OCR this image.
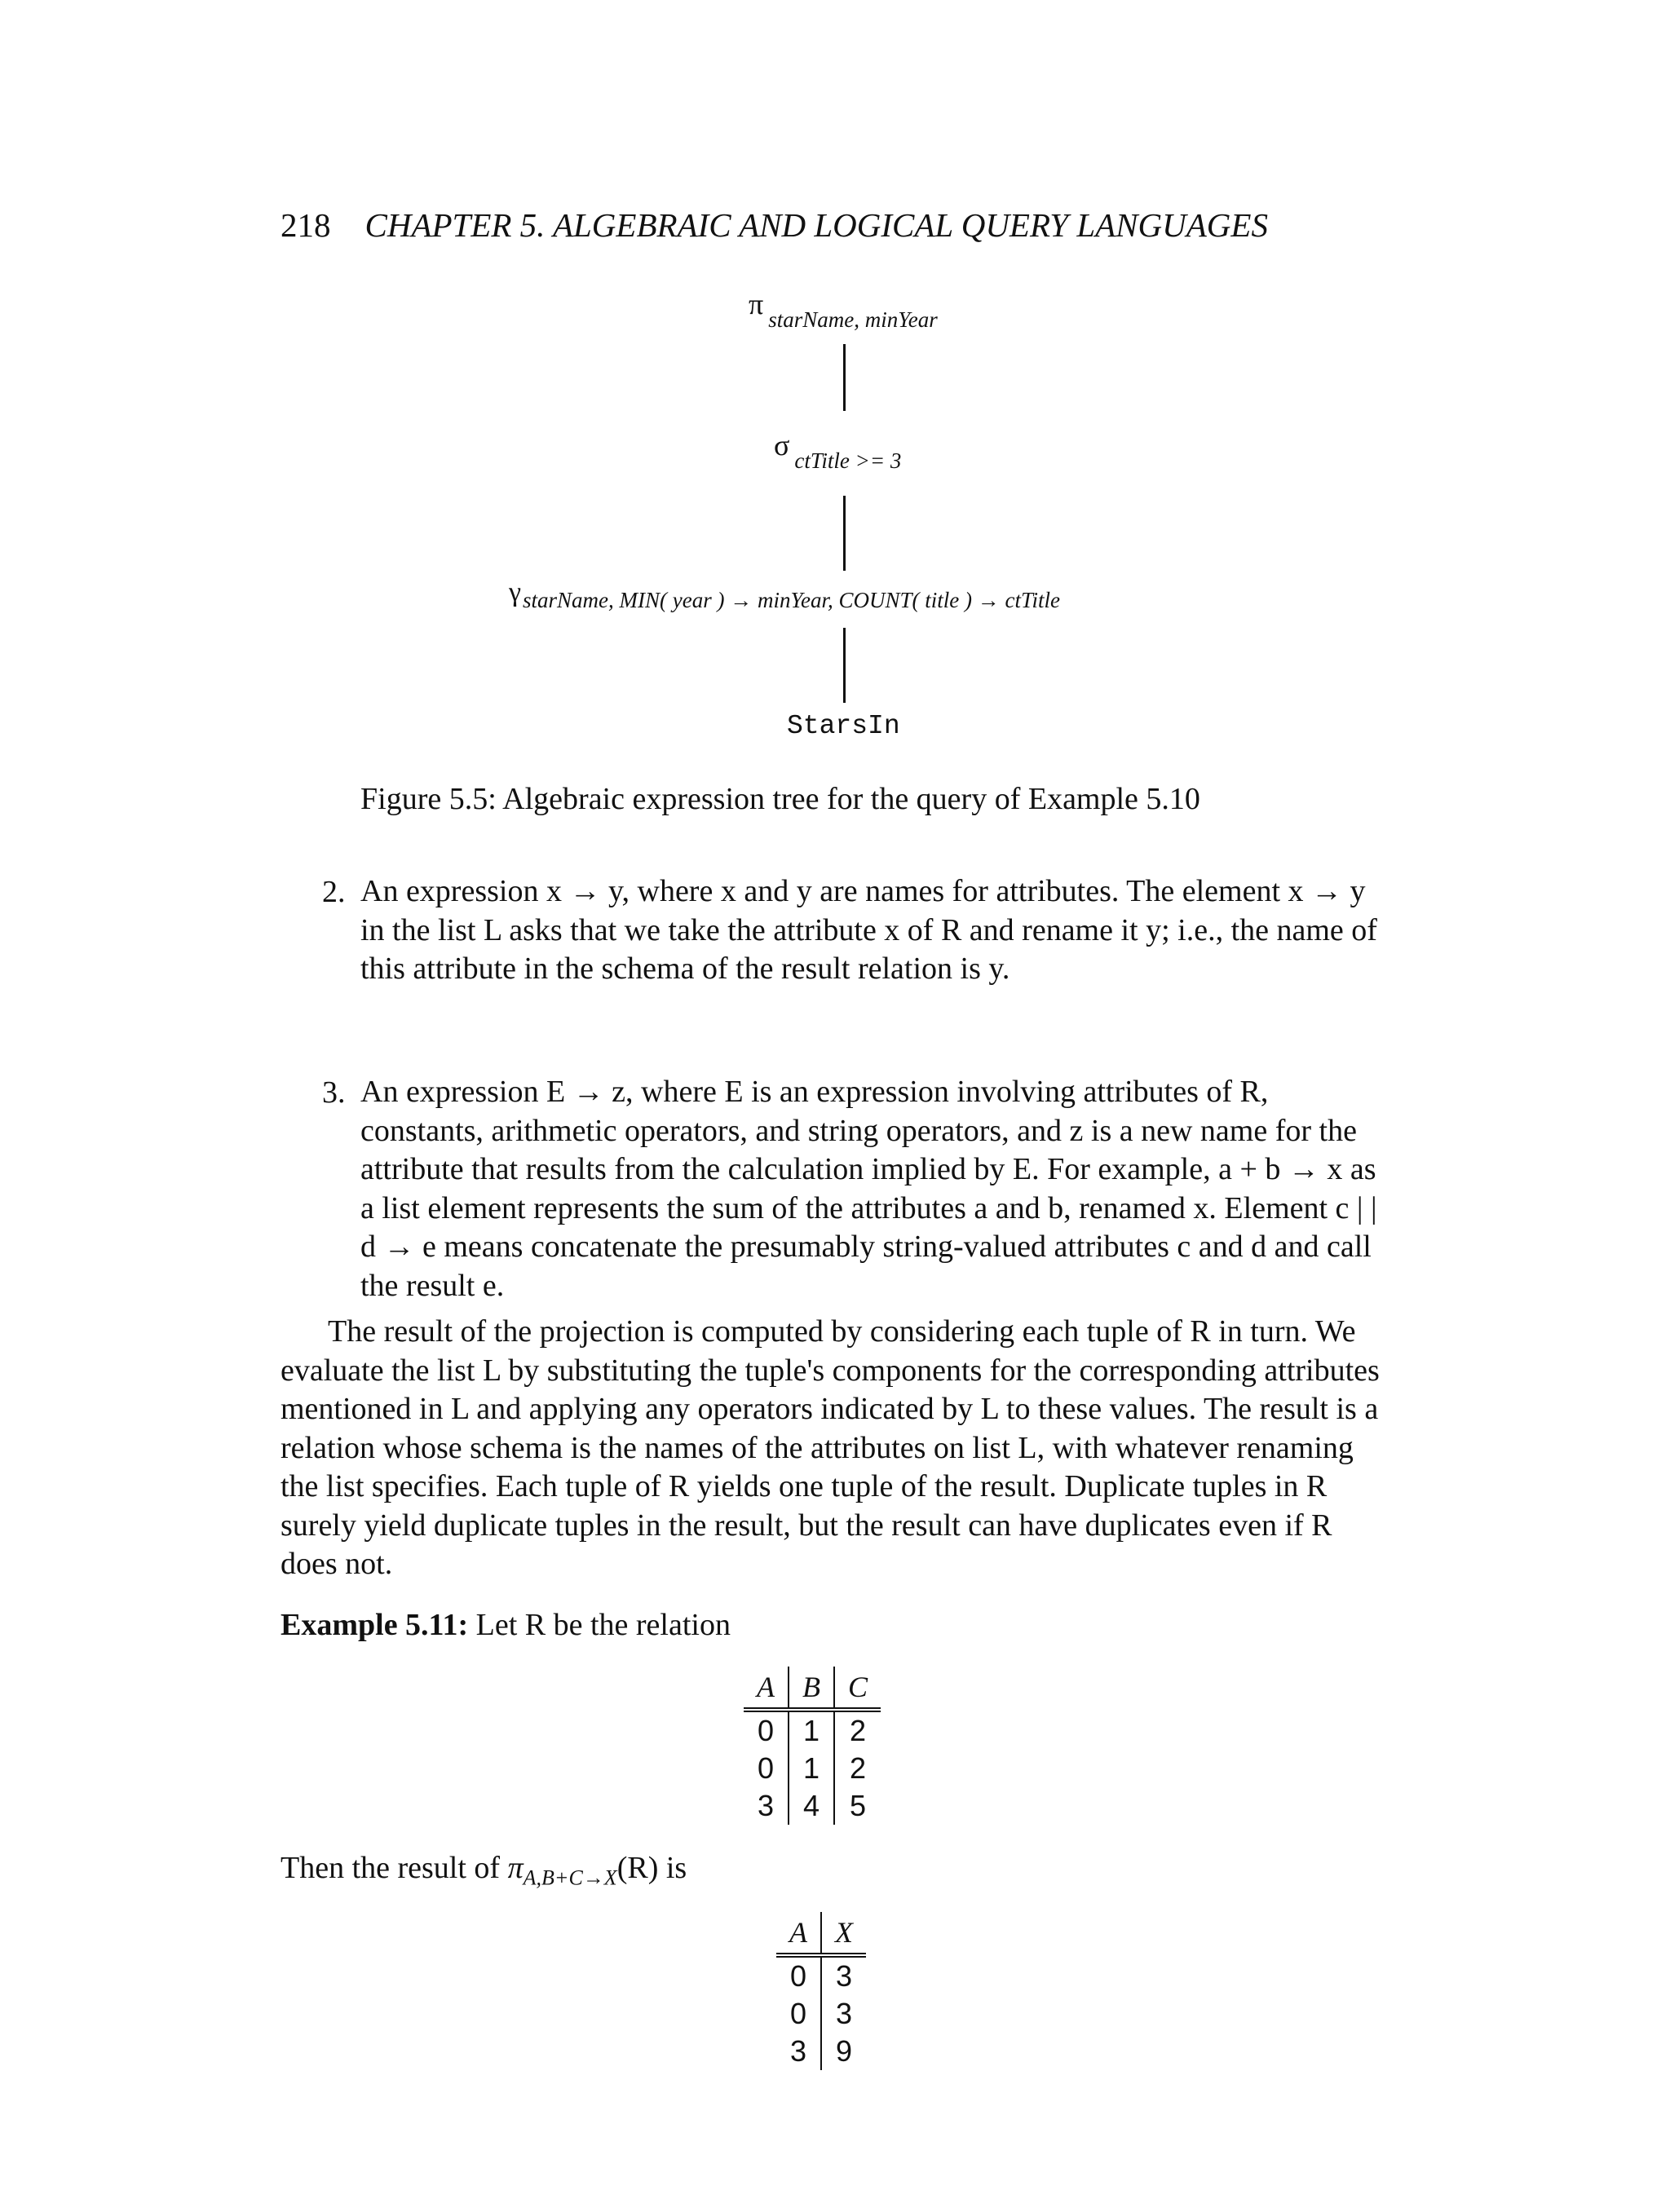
218 CHAPTER 5. ALGEBRAIC AND LOGICAL QUERY LANGUAGES
π starName, minYear
σ ctTitle >= 3
γstarName, MIN( year ) → minYear, COUNT( title ) → ctTitle
StarsIn
Figure 5.5: Algebraic expression tree for the query of Example 5.10
2. An expression x → y, where x and y are names for attributes. The element x → y in the list L asks that we take the attribute x of R and rename it y; i.e., the name of this attribute in the schema of the result relation is y.
3. An expression E → z, where E is an expression involving attributes of R, constants, arithmetic operators, and string operators, and z is a new name for the attribute that results from the calculation implied by E. For example, a + b → x as a list element represents the sum of the attributes a and b, renamed x. Element c | | d → e means concatenate the presumably string-valued attributes c and d and call the result e.
The result of the projection is computed by considering each tuple of R in turn. We evaluate the list L by substituting the tuple's components for the corresponding attributes mentioned in L and applying any operators indicated by L to these values. The result is a relation whose schema is the names of the attributes on list L, with whatever renaming the list specifies. Each tuple of R yields one tuple of the result. Duplicate tuples in R surely yield duplicate tuples in the result, but the result can have duplicates even if R does not.
Example 5.11: Let R be the relation
A	B	C
0	1	2
0	1	2
3	4	5
Then the result of $\pi_{A,B+C\to X}(R)$ is
A	X
0	3
0	3
3	9
